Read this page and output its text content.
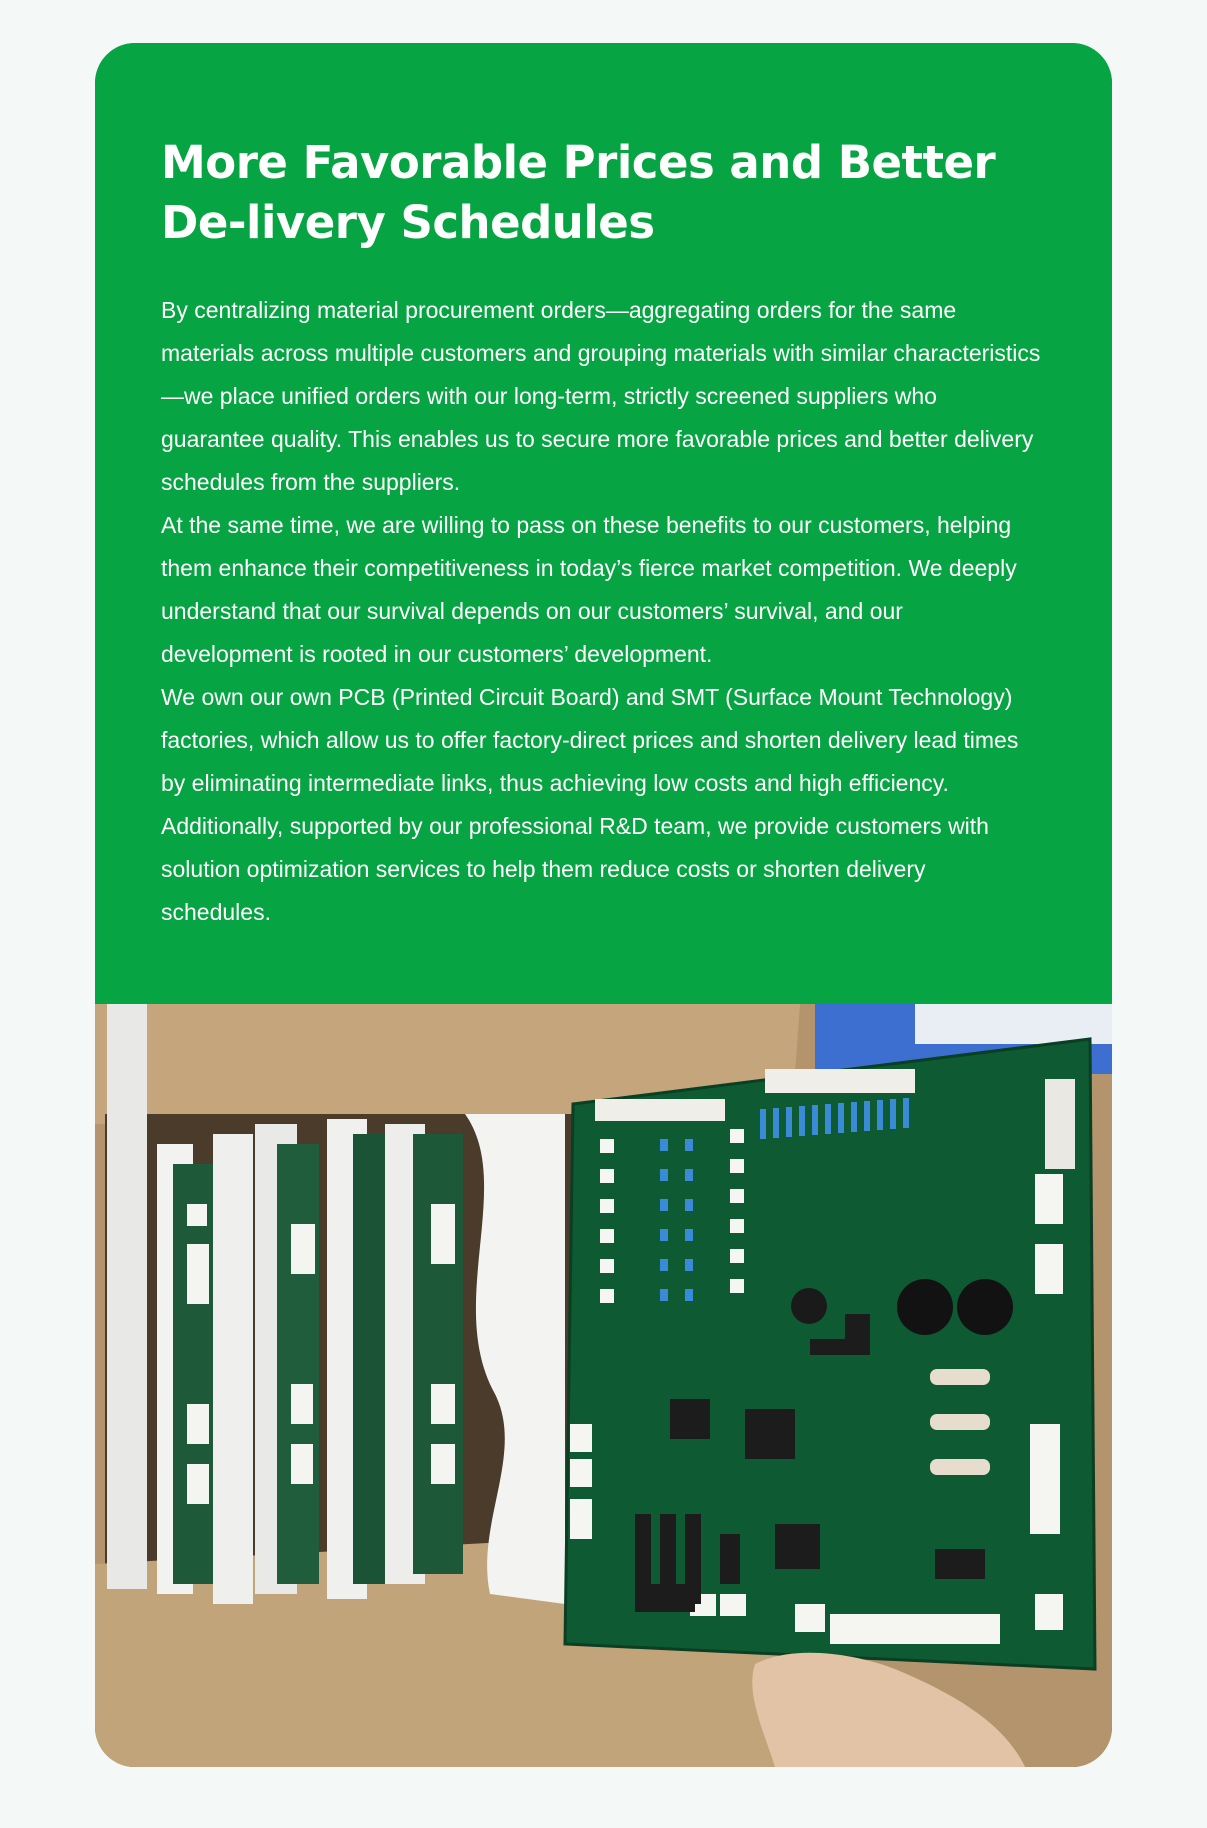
More Favorable Prices and Better De-livery Schedules

By centralizing material procurement orders—aggregating orders for the same materials across multiple customers and grouping materials with similar characteristics—we place unified orders with our long-term, strictly screened suppliers who guarantee quality. This enables us to secure more favorable prices and better delivery schedules from the suppliers.

At the same time, we are willing to pass on these benefits to our customers, helping them enhance their competitiveness in today’s fierce market competition. We deeply understand that our survival depends on our customers’ survival, and our development is rooted in our customers’ development.

We own our own PCB (Printed Circuit Board) and SMT (Surface Mount Technology) factories, which allow us to offer factory-direct prices and shorten delivery lead times by eliminating intermediate links, thus achieving low costs and high efficiency. Additionally, supported by our professional R&D team, we provide customers with solution optimization services to help them reduce costs or shorten delivery schedules.
